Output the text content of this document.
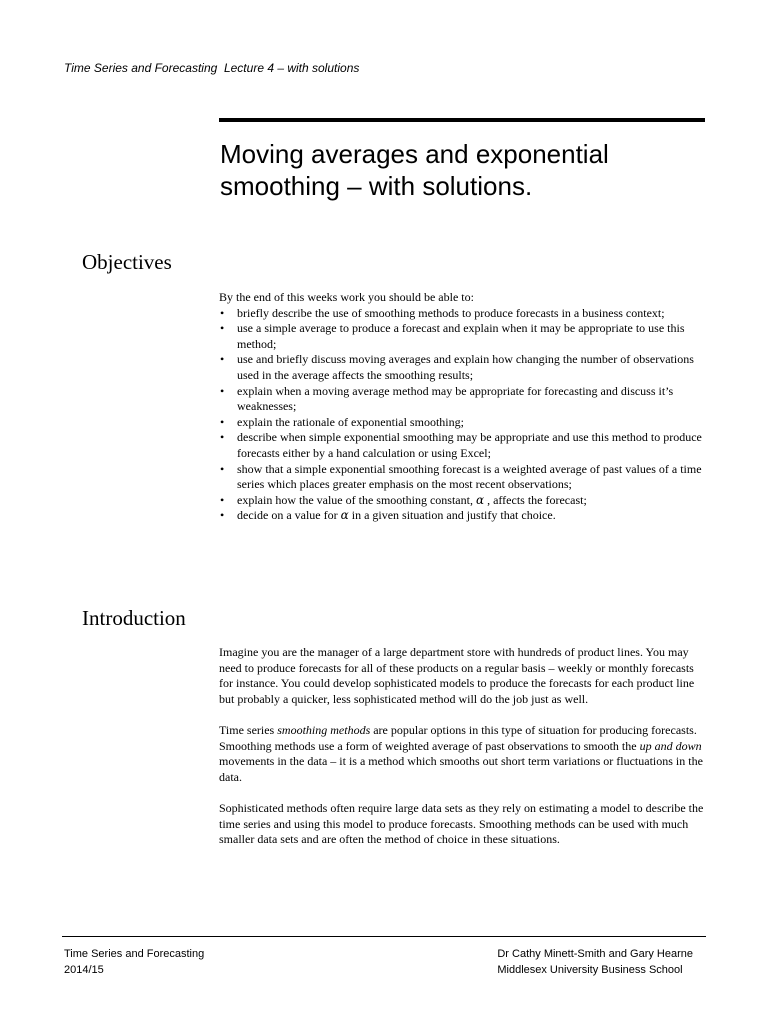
Time Series and Forecasting  Lecture 4 – with solutions
Moving averages and exponential
smoothing – with solutions.
Objectives

By the end of this weeks work you should be able to:

• briefly describe the use of smoothing methods to produce forecasts in a business context;
• use a simple average to produce a forecast and explain when it may be appropriate to use this method;
• use and briefly discuss moving averages and explain how changing the number of observations used in the average affects the smoothing results;
• explain when a moving average method may be appropriate for forecasting and discuss it’s weaknesses;
• explain the rationale of exponential smoothing;
• describe when simple exponential smoothing may be appropriate and use this method to produce forecasts either by a hand calculation or using Excel;
• show that a simple exponential smoothing forecast is a weighted average of past values of a time series which places greater emphasis on the most recent observations;
• explain how the value of the smoothing constant, α , affects the forecast;
• decide on a value for α in a given situation and justify that choice.
Introduction

Imagine you are the manager of a large department store with hundreds of product lines. You may need to produce forecasts for all of these products on a regular basis – weekly or monthly forecasts for instance. You could develop sophisticated models to produce the forecasts for each product line but probably a quicker, less sophisticated method will do the job just as well.

Time series smoothing methods are popular options in this type of situation for producing forecasts. Smoothing methods use a form of weighted average of past observations to smooth the up and down movements in the data – it is a method which smooths out short term variations or fluctuations in the data.

Sophisticated methods often require large data sets as they rely on estimating a model to describe the time series and using this model to produce forecasts. Smoothing methods can be used with much smaller data sets and are often the method of choice in these situations.

Time Series and Forecasting
2014/15
Dr Cathy Minett-Smith and Gary Hearne
Middlesex University Business School
